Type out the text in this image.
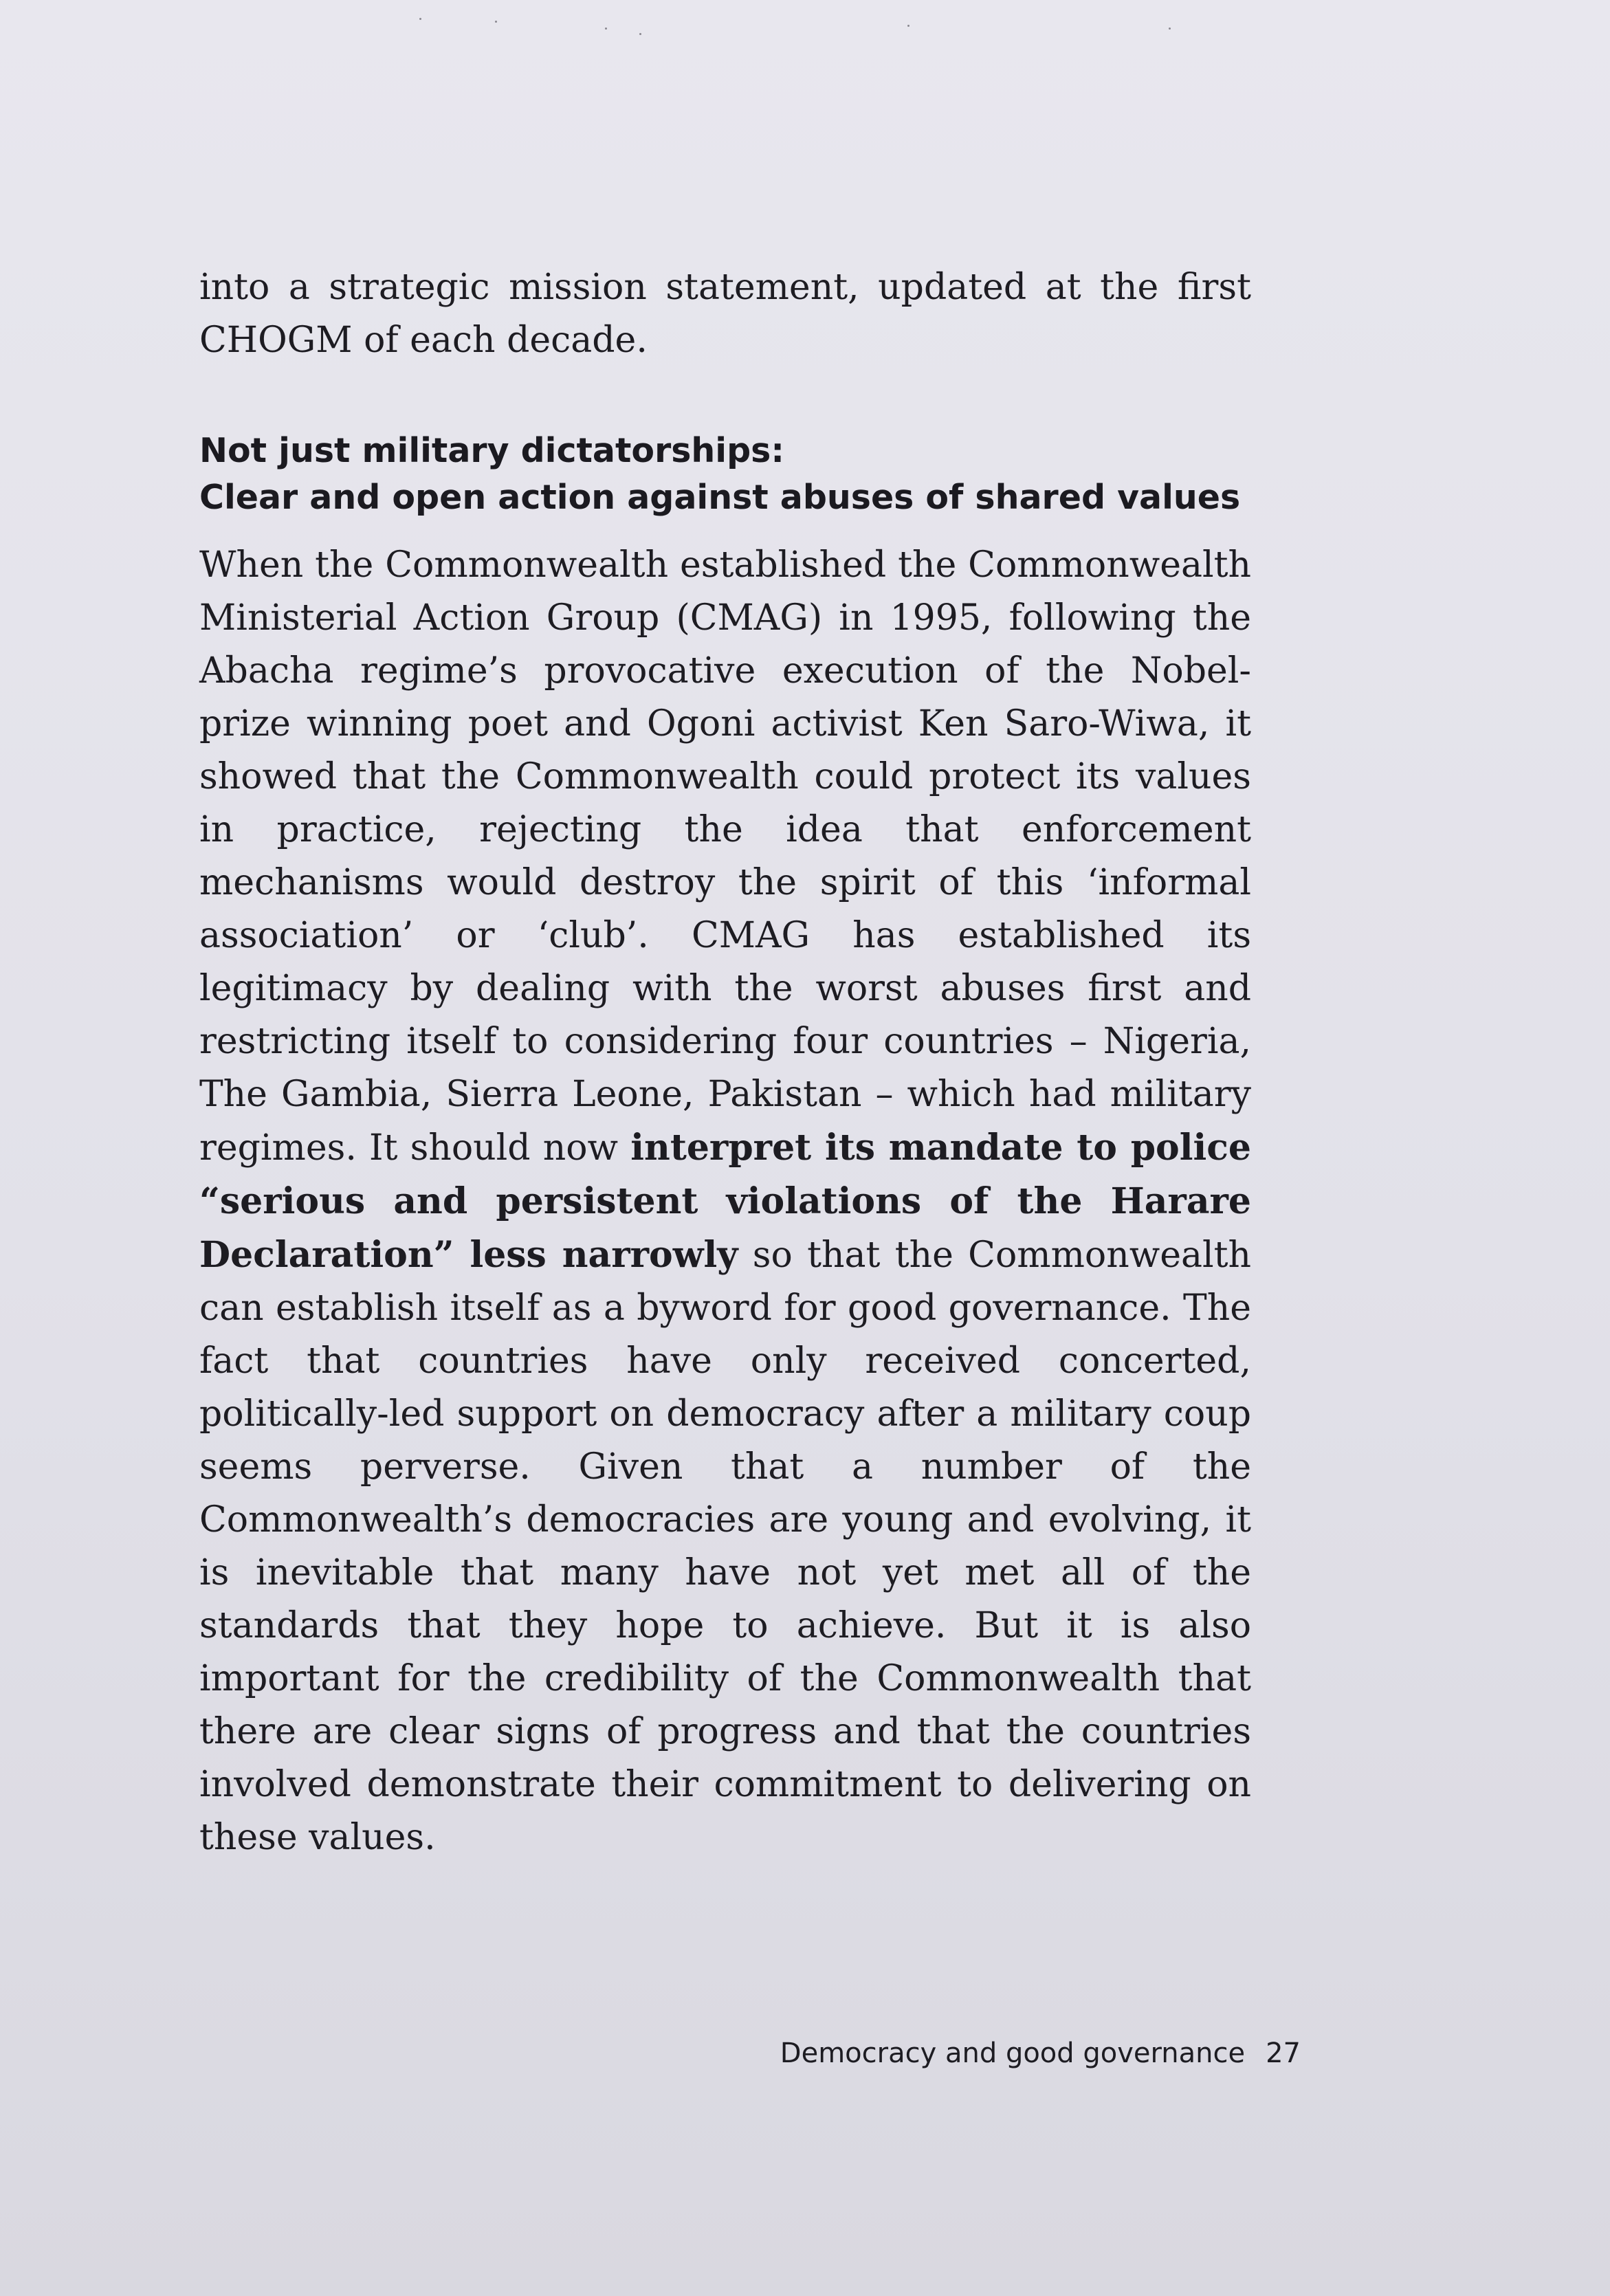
into a strategic mission statement, updated at the first CHOGM of each decade.

Not just military dictatorships:
Clear and open action against abuses of shared values

When the Commonwealth established the Commonwealth Ministerial Action Group (CMAG) in 1995, following the Abacha regime’s provocative execution of the Nobel-prize winning poet and Ogoni activist Ken Saro-Wiwa, it showed that the Commonwealth could protect its values in practice, rejecting the idea that enforcement mechanisms would destroy the spirit of this ‘informal association’ or ‘club’. CMAG has established its legitimacy by dealing with the worst abuses first and restricting itself to considering four countries – Nigeria, The Gambia, Sierra Leone, Pakistan – which had military regimes. It should now interpret its mandate to police “serious and persistent violations of the Harare Declaration” less narrowly so that the Commonwealth can establish itself as a byword for good governance. The fact that countries have only received concerted, politically-led support on democracy after a military coup seems perverse. Given that a number of the Commonwealth’s democracies are young and evolving, it is inevitable that many have not yet met all of the standards that they hope to achieve. But it is also important for the credibility of the Commonwealth that there are clear signs of progress and that the countries involved demonstrate their commitment to delivering on these values.

Democracy and good governance 27
